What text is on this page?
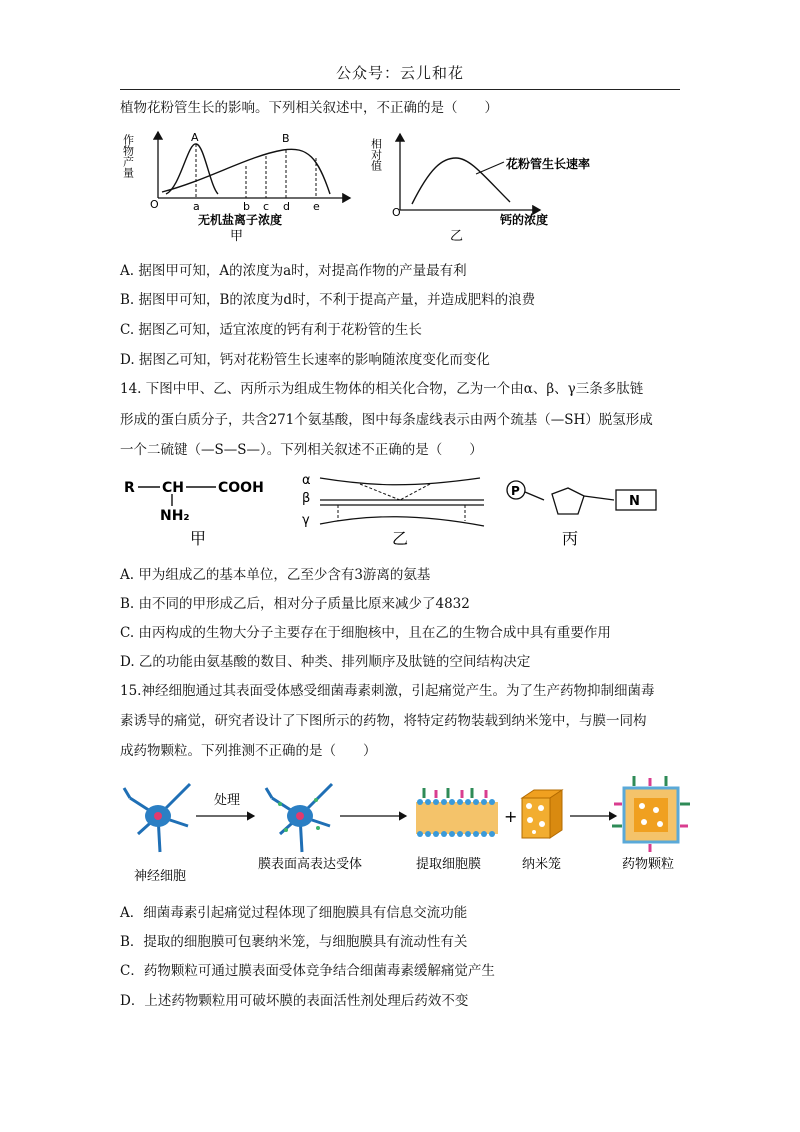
公众号：云儿和花
植物花粉管生长的影响。下列相关叙述中，不正确的是（　　）
作物产量
O
A	B
a	b c d e
无机盐离子浓度
甲
相对值
O
花粉管生长速率
钙的浓度
乙
A. 据图甲可知，A的浓度为a时，对提高作物的产量最有利
B. 据图甲可知，B的浓度为d时，不利于提高产量，并造成肥料的浪费
C. 据图乙可知，适宜浓度的钙有利于花粉管的生长
D. 据图乙可知，钙对花粉管生长速率的影响随浓度变化而变化
14. 下图中甲、乙、丙所示为组成生物体的相关化合物，乙为一个由α、β、γ三条多肽链
形成的蛋白质分子，共含271个氨基酸，图中每条虚线表示由两个巯基（—SH）脱氢形成
一个二硫键（—S—S—）。下列相关叙述不正确的是（　　）
R CH COOH
NH₂
甲
α
β
γ
乙
P
N
丙
A. 甲为组成乙的基本单位，乙至少含有3游离的氨基
B. 由不同的甲形成乙后，相对分子质量比原来减少了4832
C. 由丙构成的生物大分子主要存在于细胞核中，且在乙的生物合成中具有重要作用
D. 乙的功能由氨基酸的数目、种类、排列顺序及肽链的空间结构决定
15.神经细胞通过其表面受体感受细菌毒素刺激，引起痛觉产生。为了生产药物抑制细菌毒
素诱导的痛觉，研究者设计了下图所示的药物，将特定药物装载到纳米笼中，与膜一同构
成药物颗粒。下列推测不正确的是（　　）
处理
+
神经细胞
膜表面高表达受体	提取细胞膜	纳米笼	药物颗粒
A．细菌毒素引起痛觉过程体现了细胞膜具有信息交流功能
B．提取的细胞膜可包裹纳米笼，与细胞膜具有流动性有关
C．药物颗粒可通过膜表面受体竞争结合细菌毒素缓解痛觉产生
D．上述药物颗粒用可破坏膜的表面活性剂处理后药效不变
